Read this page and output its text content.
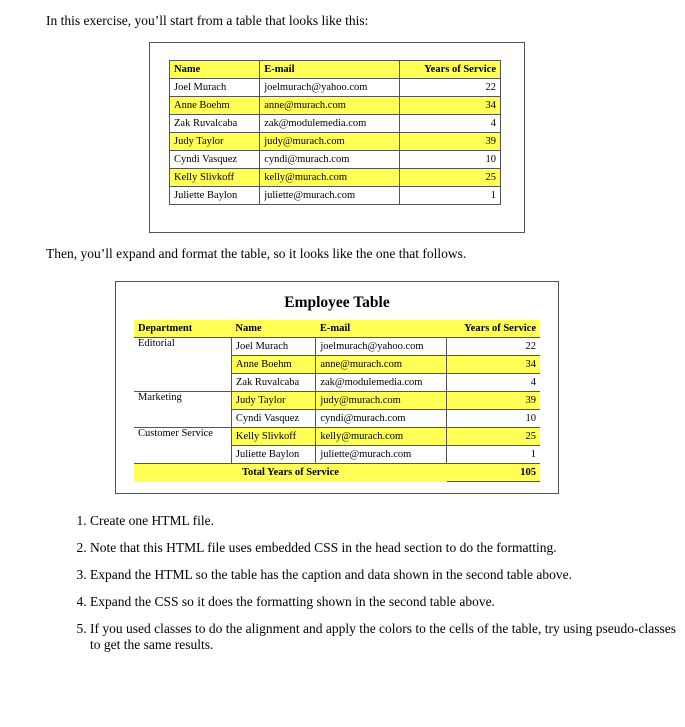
In this exercise, you’ll start from a table that looks like this:

Name	E-mail	Years of Service
Joel Murach	joelmurach@yahoo.com	22
Anne Boehm	anne@murach.com	34
Zak Ruvalcaba	zak@modulemedia.com	4
Judy Taylor	judy@murach.com	39
Cyndi Vasquez	cyndi@murach.com	10
Kelly Slivkoff	kelly@murach.com	25
Juliette Baylon	juliette@murach.com	1

Then, you’ll expand and format the table, so it looks like the one that follows.

Employee Table
Department	Name	E-mail	Years of Service
Editorial	Joel Murach	joelmurach@yahoo.com	22
	Anne Boehm	anne@murach.com	34
	Zak Ruvalcaba	zak@modulemedia.com	4
Marketing	Judy Taylor	judy@murach.com	39
	Cyndi Vasquez	cyndi@murach.com	10
Customer Service	Kelly Slivkoff	kelly@murach.com	25
	Juliette Baylon	juliette@murach.com	1
Total Years of Service			105
1. Create one HTML file.
2. Note that this HTML file uses embedded CSS in the head section to do the formatting.
3. Expand the HTML so the table has the caption and data shown in the second table above.
4. Expand the CSS so it does the formatting shown in the second table above.
5. If you used classes to do the alignment and apply the colors to the cells of the table, try using pseudo-classes to get the same results.
